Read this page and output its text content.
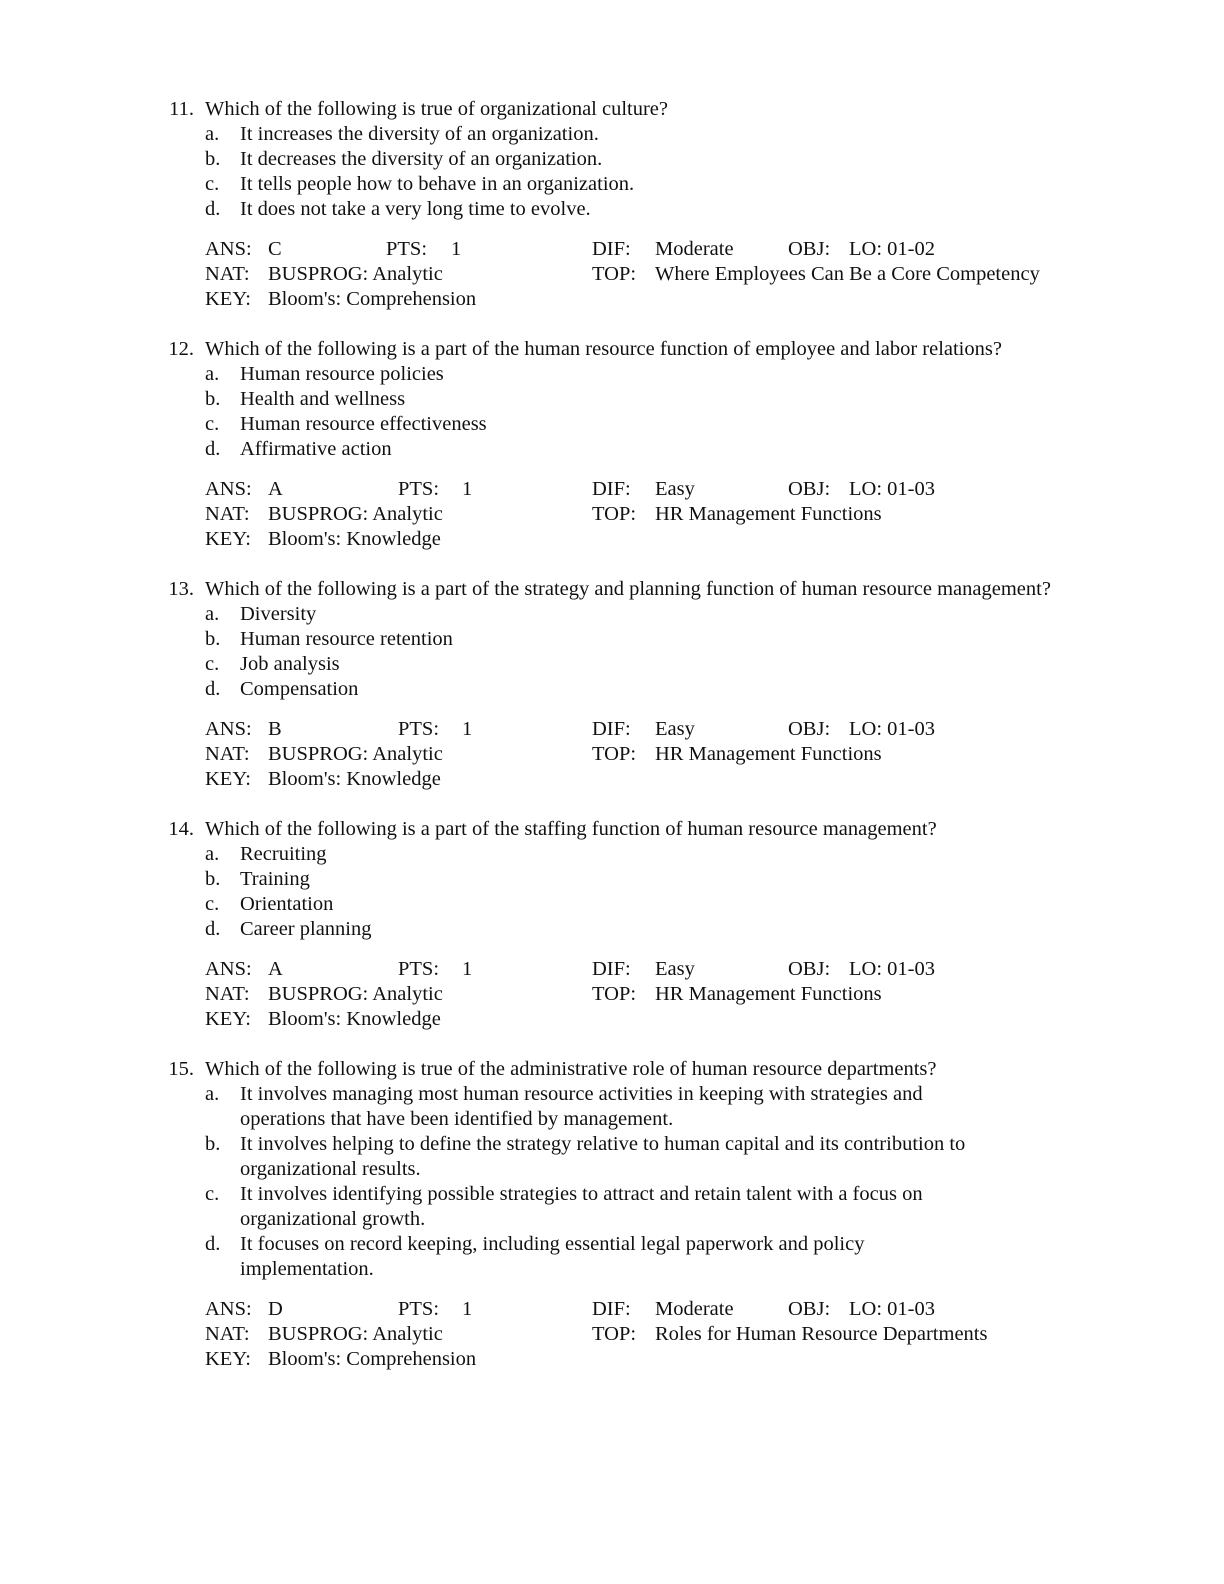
11. Which of the following is true of organizational culture?
a. It increases the diversity of an organization.
b. It decreases the diversity of an organization.
c. It tells people how to behave in an organization.
d. It does not take a very long time to evolve.
ANS: C	PTS: 1	DIF: Moderate	OBJ: LO: 01-02
NAT: BUSPROG: Analytic	TOP: Where Employees Can Be a Core Competency
KEY: Bloom's: Comprehension
12. Which of the following is a part of the human resource function of employee and labor relations?
a. Human resource policies
b. Health and wellness
c. Human resource effectiveness
d. Affirmative action
ANS: A	PTS: 1	DIF: Easy	OBJ: LO: 01-03
NAT: BUSPROG: Analytic	TOP: HR Management Functions
KEY: Bloom's: Knowledge
13. Which of the following is a part of the strategy and planning function of human resource management?
a. Diversity
b. Human resource retention
c. Job analysis
d. Compensation
ANS: B	PTS: 1	DIF: Easy	OBJ: LO: 01-03
NAT: BUSPROG: Analytic	TOP: HR Management Functions
KEY: Bloom's: Knowledge
14. Which of the following is a part of the staffing function of human resource management?
a. Recruiting
b. Training
c. Orientation
d. Career planning
ANS: A	PTS: 1	DIF: Easy	OBJ: LO: 01-03
NAT: BUSPROG: Analytic	TOP: HR Management Functions
KEY: Bloom's: Knowledge
15. Which of the following is true of the administrative role of human resource departments?
a. It involves managing most human resource activities in keeping with strategies and operations that have been identified by management.
b. It involves helping to define the strategy relative to human capital and its contribution to organizational results.
c. It involves identifying possible strategies to attract and retain talent with a focus on organizational growth.
d. It focuses on record keeping, including essential legal paperwork and policy implementation.
ANS: D	PTS: 1	DIF: Moderate	OBJ: LO: 01-03
NAT: BUSPROG: Analytic	TOP: Roles for Human Resource Departments
KEY: Bloom's: Comprehension
